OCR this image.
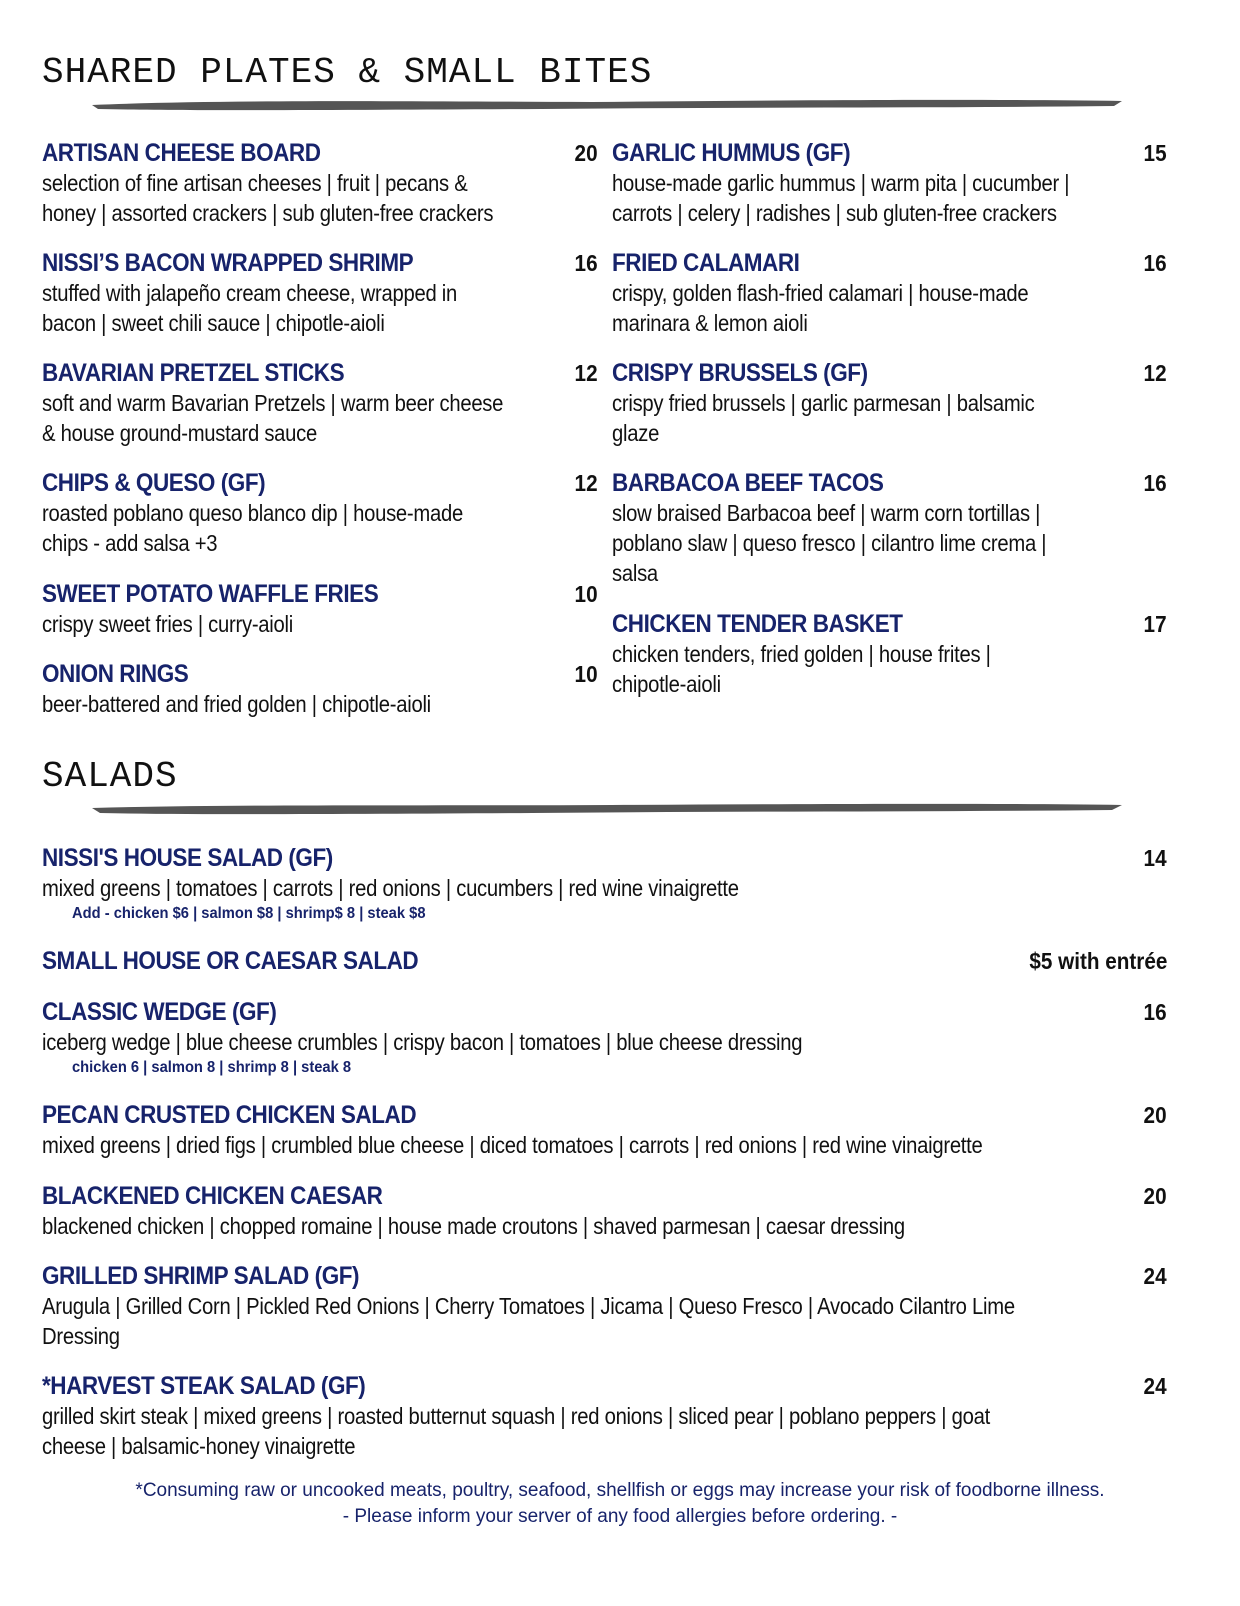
SHARED PLATES & SMALL BITES
ARTISAN CHEESE BOARD
selection of fine artisan cheeses | fruit | pecans &
honey | assorted crackers | sub gluten-free crackers
20
NISSI’S BACON WRAPPED SHRIMP
stuffed with jalapeño cream cheese, wrapped in
bacon | sweet chili sauce | chipotle-aioli
16
BAVARIAN PRETZEL STICKS
soft and warm Bavarian Pretzels | warm beer cheese
& house ground-mustard sauce
12
CHIPS & QUESO (GF)
roasted poblano queso blanco dip | house-made
chips - add salsa +3
12
SWEET POTATO WAFFLE FRIES
crispy sweet fries | curry-aioli
10
ONION RINGS
beer-battered and fried golden | chipotle-aioli
10
GARLIC HUMMUS (GF)
house-made garlic hummus | warm pita | cucumber |
carrots | celery | radishes | sub gluten-free crackers
15
FRIED CALAMARI
crispy, golden flash-fried calamari | house-made
marinara & lemon aioli
16
CRISPY BRUSSELS (GF)
crispy fried brussels | garlic parmesan | balsamic
glaze
12
BARBACOA BEEF TACOS
slow braised Barbacoa beef | warm corn tortillas |
poblano slaw | queso fresco | cilantro lime crema |
salsa
16
CHICKEN TENDER BASKET
chicken tenders, fried golden | house frites |
chipotle-aioli
17
SALADS
NISSI'S HOUSE SALAD (GF)
mixed greens | tomatoes | carrots | red onions | cucumbers | red wine vinaigrette
Add - chicken $6 | salmon $8 | shrimp$ 8 | steak $8
14
SMALL HOUSE OR CAESAR SALAD	$5 with entrée
CLASSIC WEDGE (GF)
iceberg wedge | blue cheese crumbles | crispy bacon | tomatoes | blue cheese dressing
chicken 6 | salmon 8 | shrimp 8 | steak 8
16
PECAN CRUSTED CHICKEN SALAD
mixed greens | dried figs | crumbled blue cheese | diced tomatoes | carrots | red onions | red wine vinaigrette
20
BLACKENED CHICKEN CAESAR
blackened chicken | chopped romaine | house made croutons | shaved parmesan | caesar dressing
20
GRILLED SHRIMP SALAD (GF)
Arugula | Grilled Corn | Pickled Red Onions | Cherry Tomatoes | Jicama | Queso Fresco | Avocado Cilantro Lime
Dressing
24
*HARVEST STEAK SALAD (GF)
grilled skirt steak | mixed greens | roasted butternut squash | red onions | sliced pear | poblano peppers | goat
cheese | balsamic-honey vinaigrette
24
*Consuming raw or uncooked meats, poultry, seafood, shellfish or eggs may increase your risk of foodborne illness.
- Please inform your server of any food allergies before ordering. -
